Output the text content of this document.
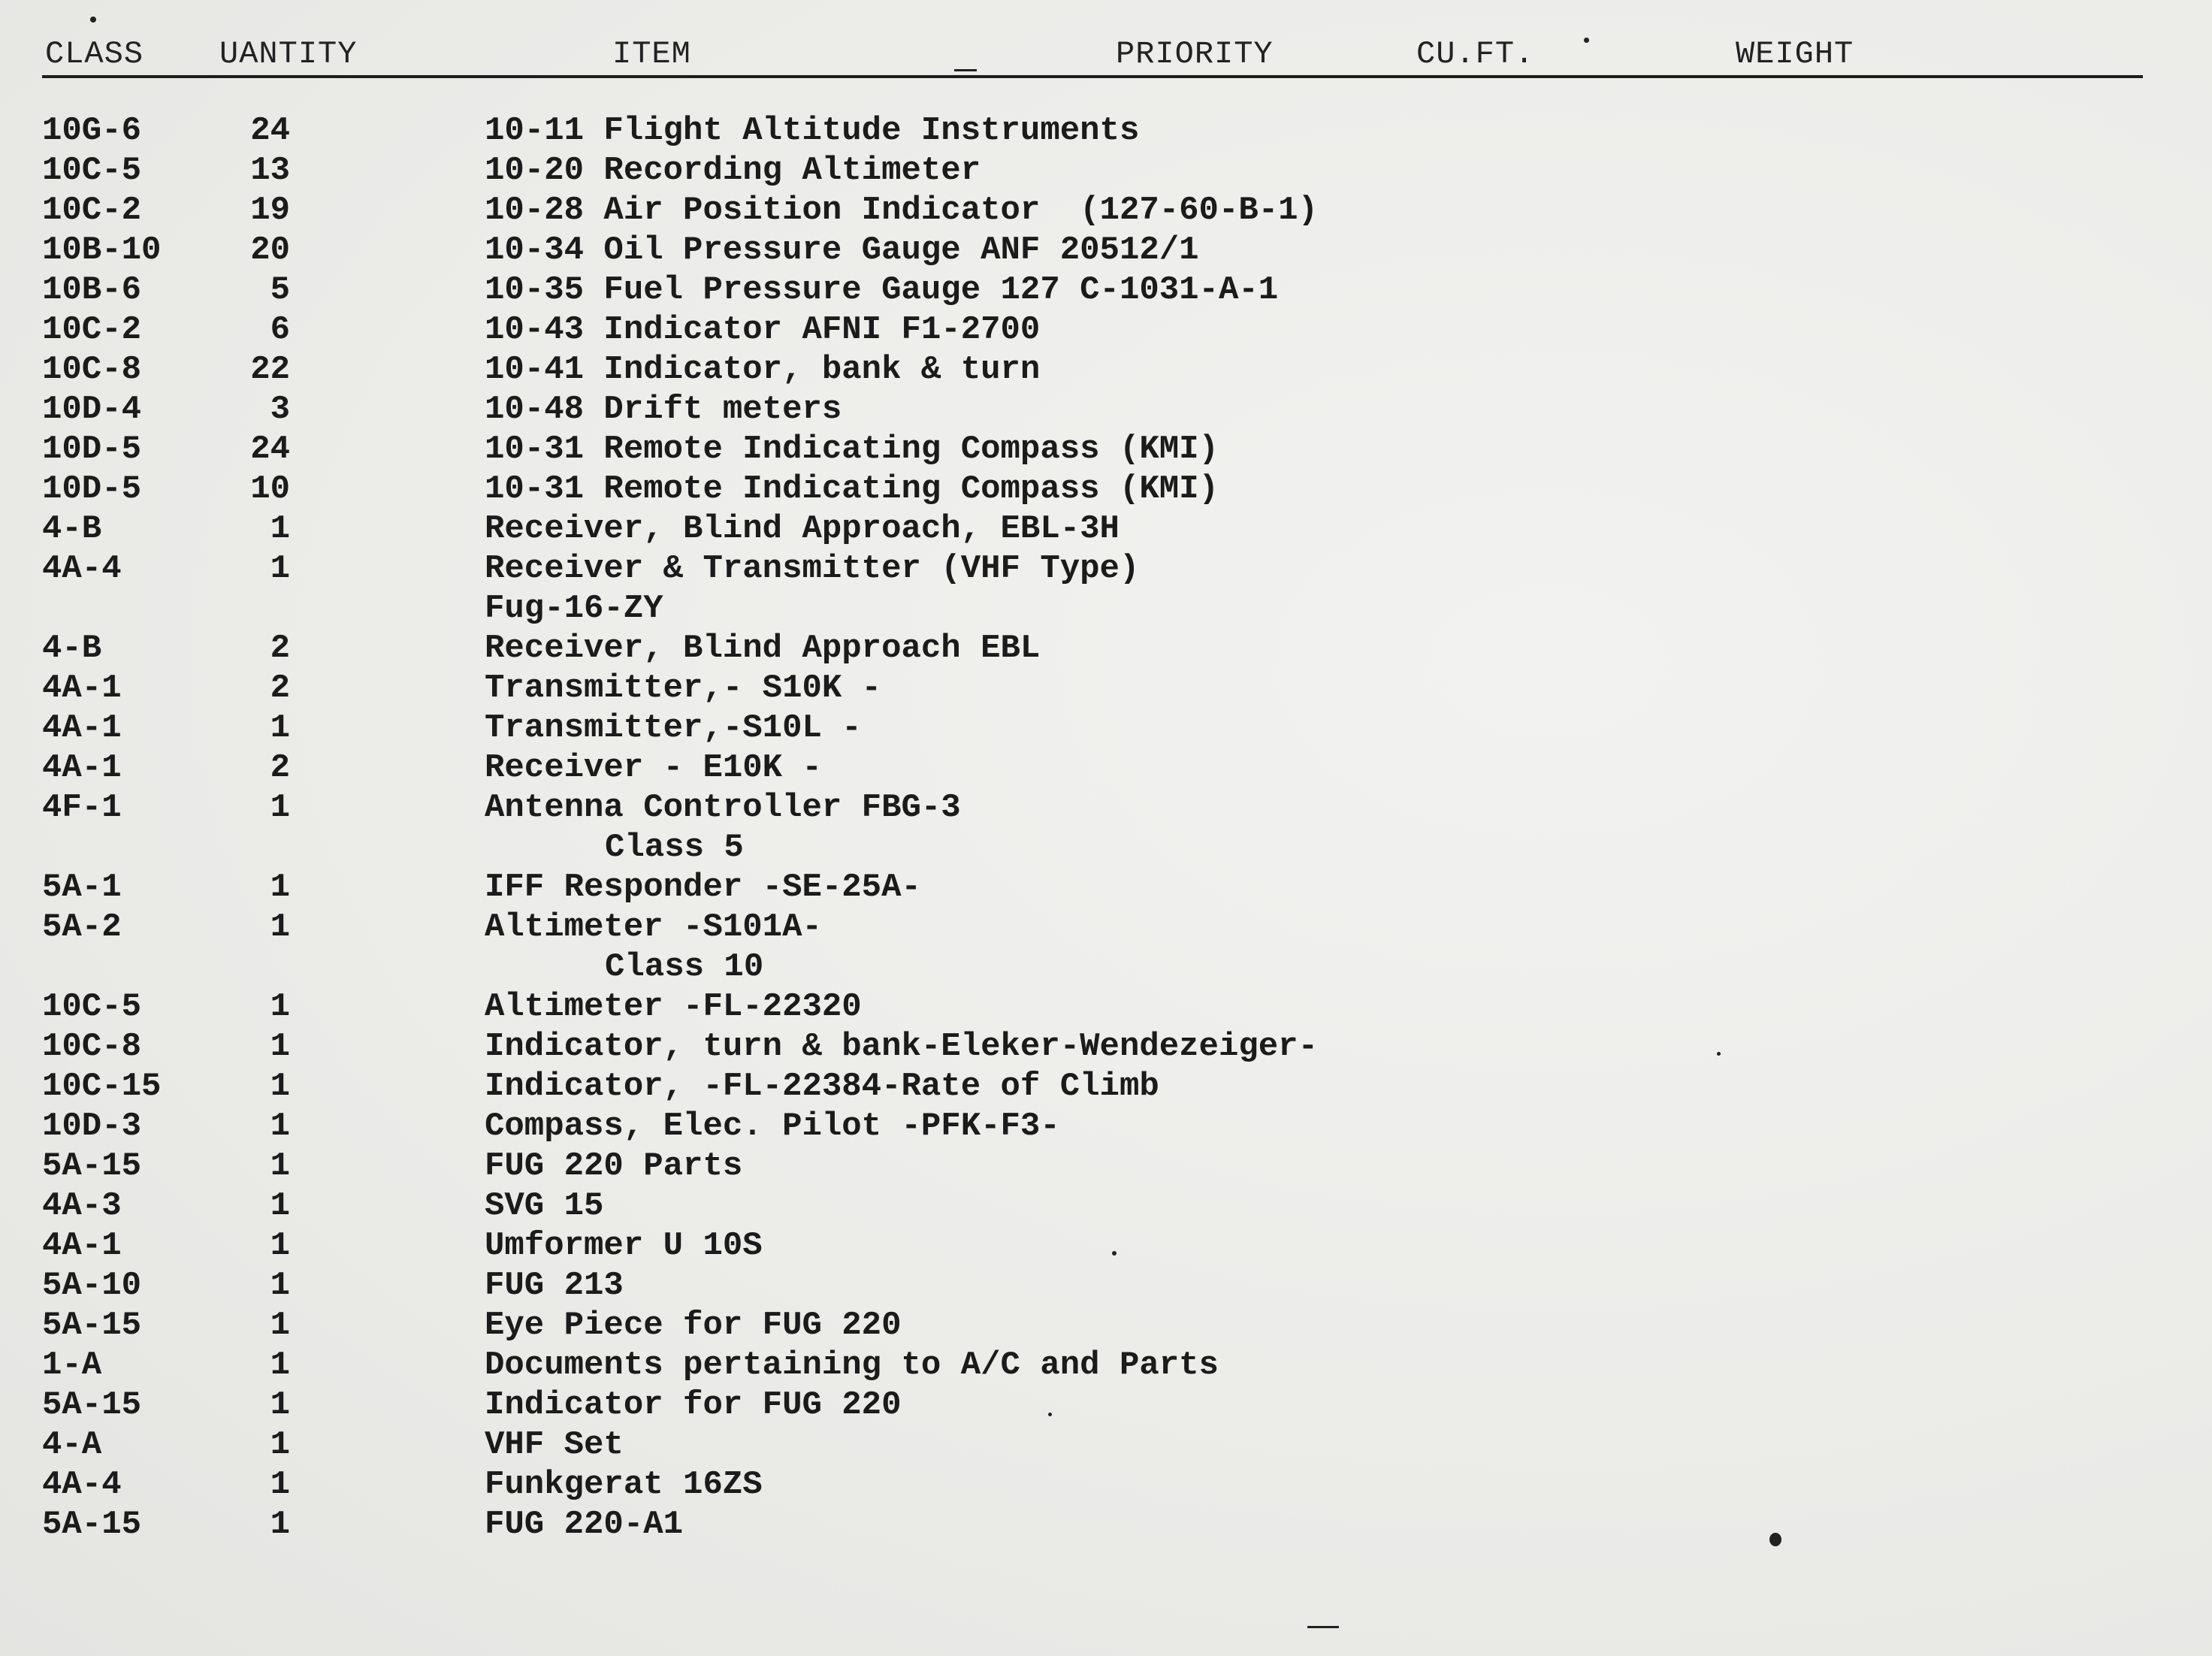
CLASS UANTITY	ITEM	PRIORITY	CU.FT.	WEIGHT
10G-6	24	10-11 Flight Altitude Instruments
10C-5	13	10-20 Recording Altimeter
10C-2	19	10-28 Air Position Indicator  (127-60-B-1)
10B-10	20	10-34 Oil Pressure Gauge ANF 20512/1
10B-6	5	10-35 Fuel Pressure Gauge 127 C-1031-A-1
10C-2	6	10-43 Indicator AFNI F1-2700
10C-8	22	10-41 Indicator, bank & turn
10D-4	3	10-48 Drift meters
10D-5	24	10-31 Remote Indicating Compass (KMI)
10D-5	10	10-31 Remote Indicating Compass (KMI)
4-B	1	Receiver, Blind Approach, EBL-3H
4A-4	1	Receiver & Transmitter (VHF Type)
Fug-16-ZY
4-B	2	Receiver, Blind Approach EBL
4A-1	2	Transmitter,- S10K -
4A-1	1	Transmitter,-S10L -
4A-1	2	Receiver - E10K -
4F-1	1	Antenna Controller FBG-3
Class 5
5A-1	1	IFF Responder -SE-25A-
5A-2	1	Altimeter -S101A-
Class 10
10C-5	1	Altimeter -FL-22320
10C-8	1	Indicator, turn & bank-Eleker-Wendezeiger-
10C-15	1	Indicator, -FL-22384-Rate of Climb
10D-3	1	Compass, Elec. Pilot -PFK-F3-
5A-15	1	FUG 220 Parts
4A-3	1	SVG 15
4A-1	1	Umformer U 10S
5A-10	1	FUG 213
5A-15	1	Eye Piece for FUG 220
1-A	1	Documents pertaining to A/C and Parts
5A-15	1	Indicator for FUG 220
4-A	1	VHF Set
4A-4	1	Funkgerat 16ZS
5A-15	1	FUG 220-A1
